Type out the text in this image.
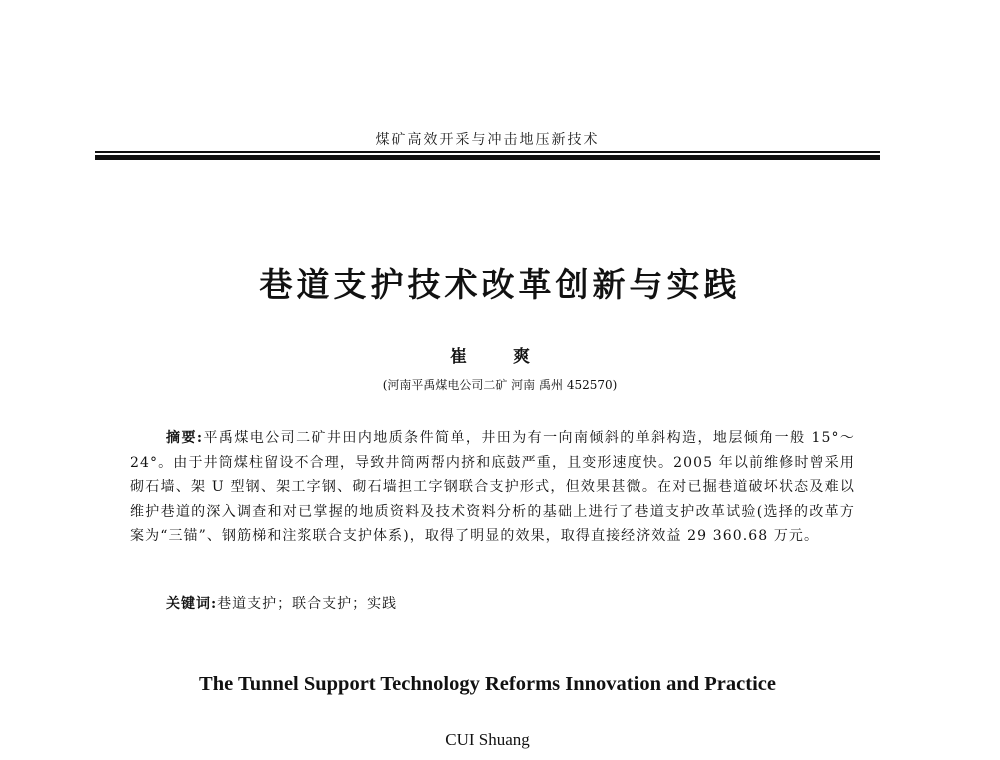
煤矿高效开采与冲击地压新技术
巷道支护技术改革创新与实践
崔 爽
(河南平禹煤电公司二矿 河南 禹州 452570)

摘要:平禹煤电公司二矿井田内地质条件简单，井田为有一向南倾斜的单斜构造，地层倾角一般 15°～24°。由于井筒煤柱留设不合理，导致井筒两帮内挤和底鼓严重，且变形速度快。2005 年以前维修时曾采用砌石墙、架 U 型钢、架工字钢、砌石墙担工字钢联合支护形式，但效果甚微。在对已掘巷道破坏状态及难以维护巷道的深入调查和对已掌握的地质资料及技术资料分析的基础上进行了巷道支护改革试验(选择的改革方案为“三锚”、钢筋梯和注浆联合支护体系)，取得了明显的效果，取得直接经济效益 29 360.68 万元。

关键词:巷道支护；联合支护；实践
The Tunnel Support Technology Reforms Innovation and Practice
CUI Shuang
